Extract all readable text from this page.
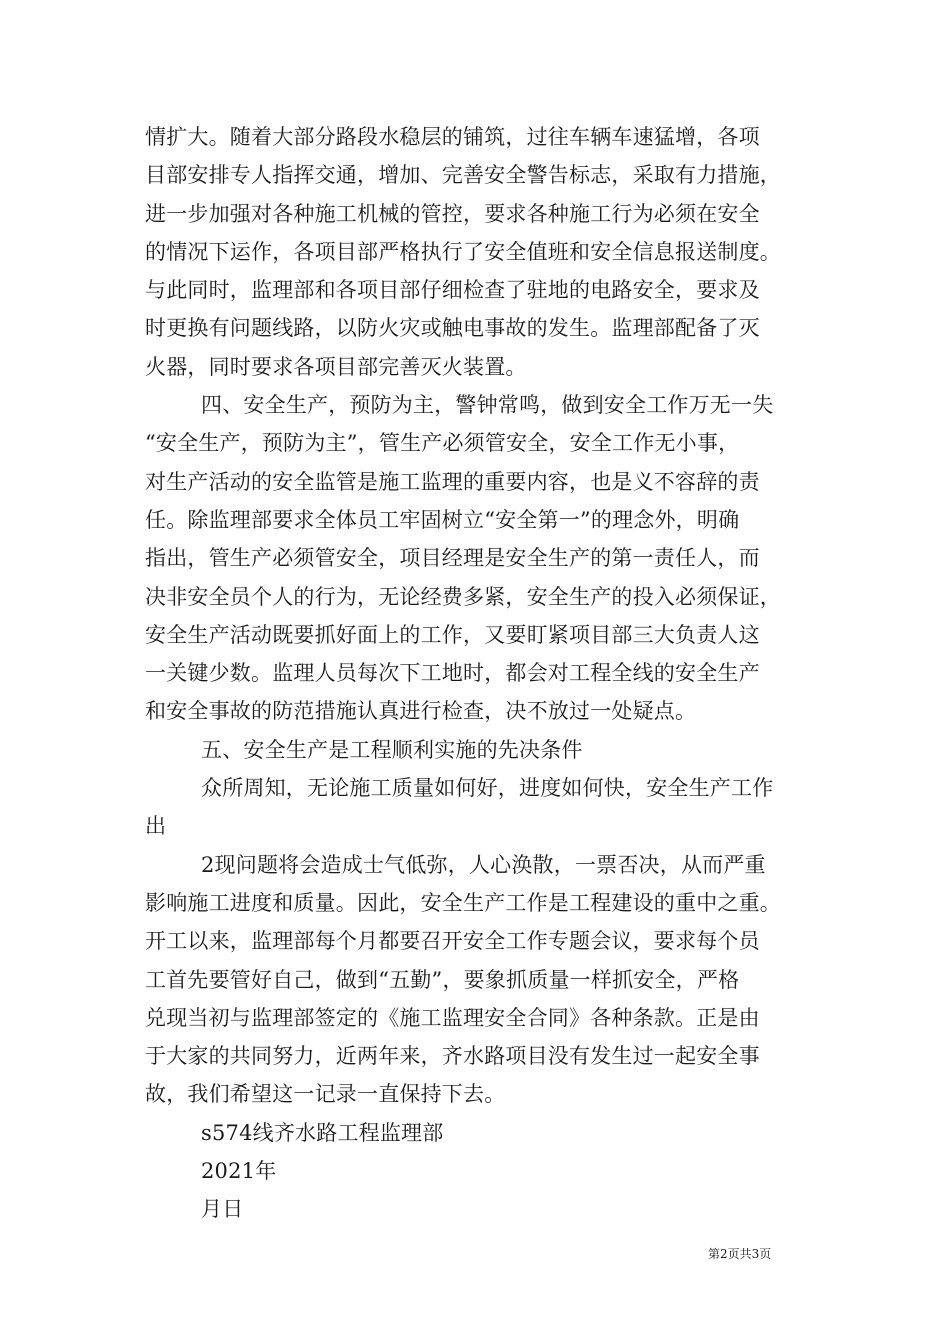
情扩大。随着大部分路段水稳层的铺筑，过往车辆车速猛增，各项
目部安排专人指挥交通，增加、完善安全警告标志，采取有力措施，
进一步加强对各种施工机械的管控，要求各种施工行为必须在安全
的情况下运作，各项目部严格执行了安全值班和安全信息报送制度。
与此同时，监理部和各项目部仔细检查了驻地的电路安全，要求及
时更换有问题线路，以防火灾或触电事故的发生。监理部配备了灭
火器，同时要求各项目部完善灭火装置。
四、安全生产，预防为主，警钟常鸣，做到安全工作万无一失
“安全生产，预防为主”，管生产必须管安全，安全工作无小事，
对生产活动的安全监管是施工监理的重要内容，也是义不容辞的责
任。除监理部要求全体员工牢固树立“安全第一”的理念外，明确
指出，管生产必须管安全，项目经理是安全生产的第一责任人，而
决非安全员个人的行为，无论经费多紧，安全生产的投入必须保证，
安全生产活动既要抓好面上的工作，又要盯紧项目部三大负责人这
一关键少数。监理人员每次下工地时，都会对工程全线的安全生产
和安全事故的防范措施认真进行检查，决不放过一处疑点。
五、安全生产是工程顺利实施的先决条件
众所周知，无论施工质量如何好，进度如何快，安全生产工作
出
2现问题将会造成士气低弥，人心涣散，一票否决，从而严重
影响施工进度和质量。因此，安全生产工作是工程建设的重中之重。
开工以来，监理部每个月都要召开安全工作专题会议，要求每个员
工首先要管好自己，做到“五勤”，要象抓质量一样抓安全，严格
兑现当初与监理部签定的《施工监理安全合同》各种条款。正是由
于大家的共同努力，近两年来，齐水路项目没有发生过一起安全事
故，我们希望这一记录一直保持下去。
s574线齐水路工程监理部
2021年
月日
第2页共3页
